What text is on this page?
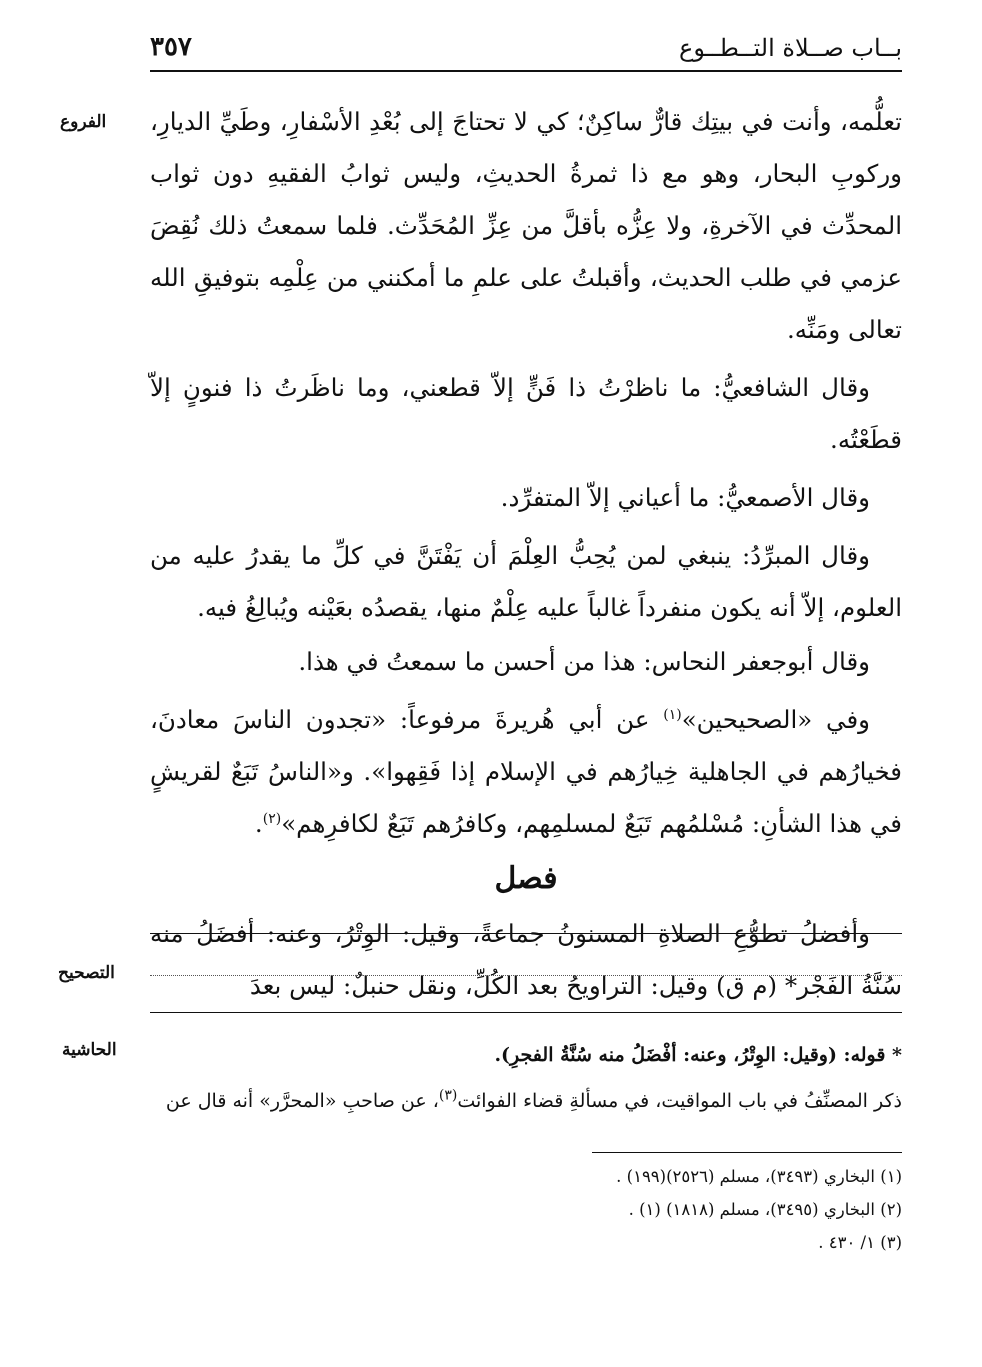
بــاب صــلاة التــطــوع
٣٥٧
الفروع
التصحيح
الحاشية

تعلُّمه، وأنت في بيتِك قارٌّ ساكِنٌ؛ كي لا تحتاجَ إلى بُعْدِ الأسْفارِ، وطَيِّ الديارِ، وركوبِ البحار، وهو مع ذا ثمرةُ الحديثِ، وليس ثوابُ الفقيهِ دون ثواب المحدِّث في الآخرةِ، ولا عِزُّه بأقلَّ من عِزِّ المُحَدِّث. فلما سمعتُ ذلك نُقِضَ عزمي في طلب الحديث، وأقبلتُ على علمِ ما أمكنني من عِلْمِه بتوفيقِ الله تعالى ومَنِّه.

وقال الشافعيُّ: ما ناظرْتُ ذا فَنٍّ إلاّ قطعني، وما ناظَرتُ ذا فنونٍ إلاّ قطَعْتُه.

وقال الأصمعيُّ: ما أعياني إلاّ المتفرِّد.

وقال المبرِّدُ: ينبغي لمن يُحِبُّ العِلْمَ أن يَفْتَنَّ في كلِّ ما يقدرُ عليه من العلوم، إلاّ أنه يكون منفرداً غالباً عليه عِلْمٌ منها، يقصدُه بعَيْنه ويُبالِغُ فيه.

وقال أبوجعفر النحاس: هذا من أحسن ما سمعتُ في هذا.

وفي «الصحيحين»$^{(١)}$ عن أبي هُريرةَ مرفوعاً: «تجدون الناسَ معادنَ، فخيارُهم في الجاهلية خِيارُهم في الإسلام إذا فَقِهوا». و«الناسُ تَبَعٌ لقريشٍ في هذا الشأنِ: مُسْلمُهم تَبَعٌ لمسلمِهم، وكافرُهم تَبَعٌ لكافرِهم»$^{(٢)}$.

فصل

وأفضلُ تطوُّعِ الصلاةِ المسنونُ جماعةً، وقيل: الوِتْرُ، وعنه: أفضَلُ منه سُنَّةُ الفَجْر* (م ق) وقيل: التراويحُ بعد الكُلِّ، ونقل حنبلٌ: ليس بعدَ

* قوله: (وقيل: الوِتْرُ، وعنه: أفْضَلُ منه سُنَّةُ الفجرِ).

ذكر المصنِّفُ في باب المواقيت، في مسألةِ قضاء الفوائت$^{(٣)}$، عن صاحبِ «المحرَّر» أنه قال عن

(١) البخاري (٣٤٩٣)، مسلم (٢٥٢٦)(١٩٩) .

(٢) البخاري (٣٤٩٥)، مسلم (١٨١٨) (١) .

(٣) ١/ ٤٣٠ .
